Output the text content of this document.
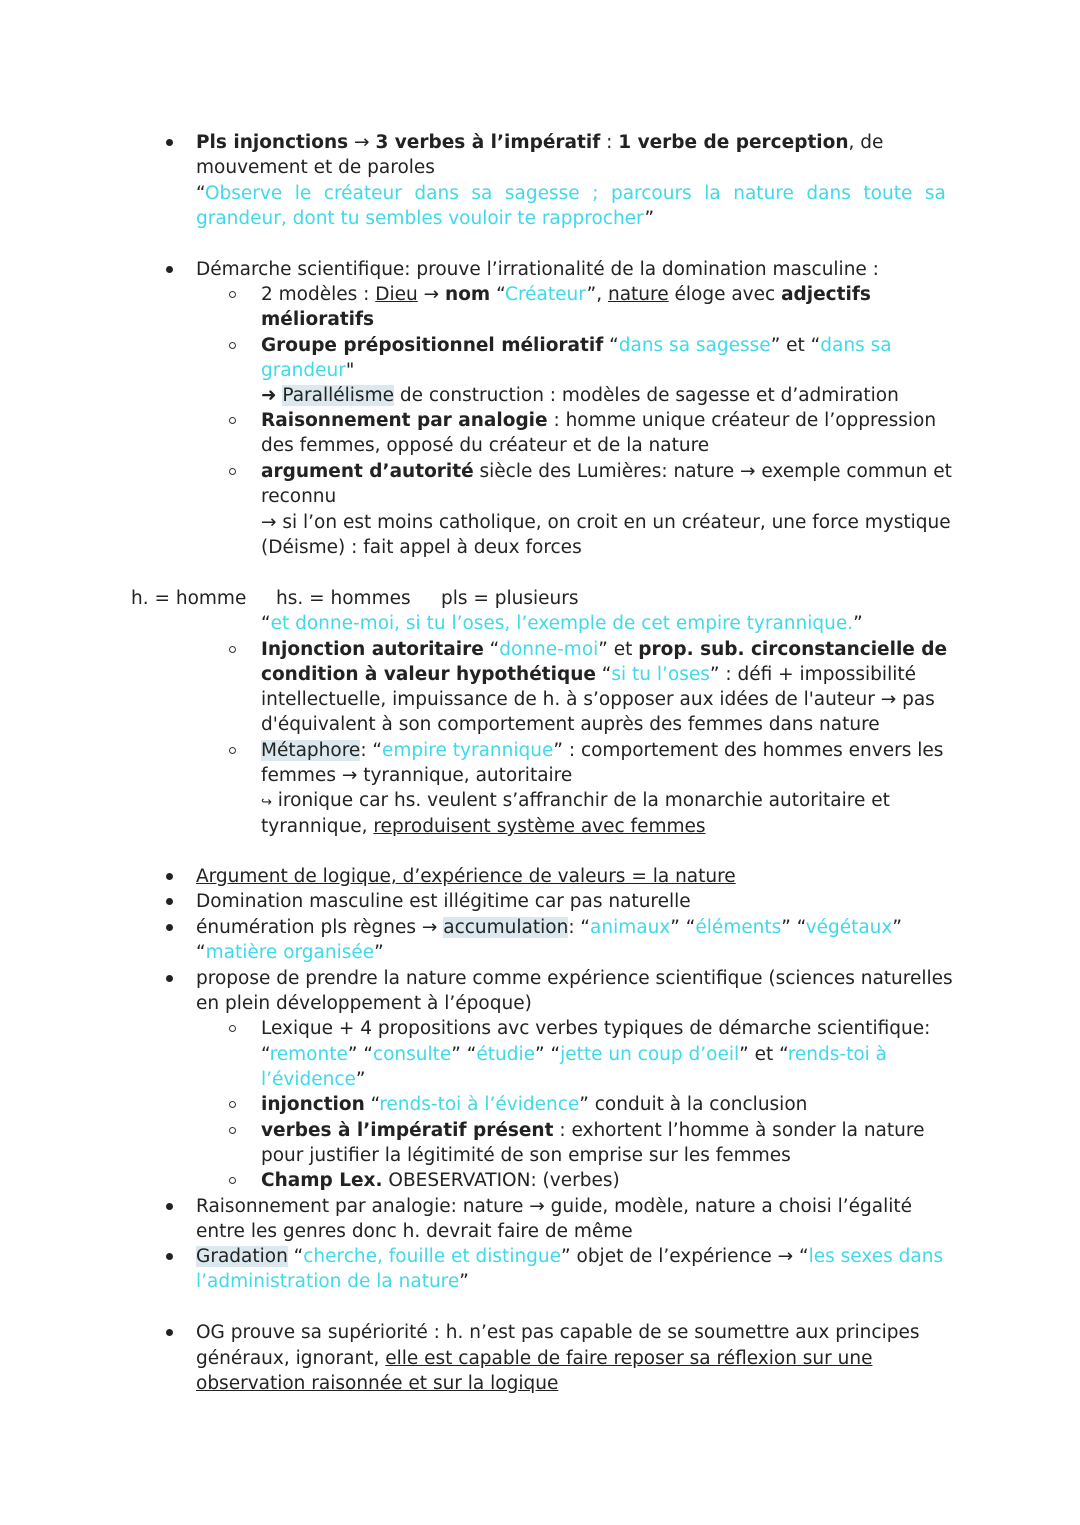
Pls injonctions → 3 verbes à l’impératif : 1 verbe de perception, de
mouvement et de paroles
“Observe le créateur dans sa sagesse ; parcours la nature dans toute sa
grandeur, dont tu sembles vouloir te rapprocher”
Démarche scientifique: prouve l’irrationalité de la domination masculine :
2 modèles : Dieu → nom “Créateur”, nature éloge avec adjectifs
mélioratifs
Groupe prépositionnel mélioratif “dans sa sagesse” et “dans sa
grandeur"
➜ Parallélisme de construction : modèles de sagesse et d’admiration
Raisonnement par analogie : homme unique créateur de l’oppression
des femmes, opposé du créateur et de la nature
argument d’autorité siècle des Lumières: nature → exemple commun et
reconnu
→ si l’on est moins catholique, on croit en un créateur, une force mystique
(Déisme) : fait appel à deux forces
h. = homme hs. = hommes pls = plusieurs
“et donne-moi, si tu l’oses, l’exemple de cet empire tyrannique.”
Injonction autoritaire “donne-moi” et prop. sub. circonstancielle de
condition à valeur hypothétique “si tu l’oses” : défi + impossibilité
intellectuelle, impuissance de h. à s’opposer aux idées de l'auteur → pas
d'équivalent à son comportement auprès des femmes dans nature
Métaphore: “empire tyrannique” : comportement des hommes envers les
femmes → tyrannique, autoritaire
↪ ironique car hs. veulent s’affranchir de la monarchie autoritaire et
tyrannique, reproduisent système avec femmes
Argument de logique, d’expérience de valeurs = la nature
Domination masculine est illégitime car pas naturelle
énumération pls règnes → accumulation: “animaux” “éléments” “végétaux”
“matière organisée”
propose de prendre la nature comme expérience scientifique (sciences naturelles
en plein développement à l’époque)
Lexique + 4 propositions avc verbes typiques de démarche scientifique:
“remonte” “consulte” “étudie” “jette un coup d’oeil” et “rends-toi à
l’évidence”
injonction “rends-toi à l’évidence” conduit à la conclusion
verbes à l’impératif présent : exhortent l’homme à sonder la nature
pour justifier la légitimité de son emprise sur les femmes
Champ Lex. OBESERVATION: (verbes)
Raisonnement par analogie: nature → guide, modèle, nature a choisi l’égalité
entre les genres donc h. devrait faire de même
Gradation “cherche, fouille et distingue” objet de l’expérience → “les sexes dans
l’administration de la nature”
OG prouve sa supériorité : h. n’est pas capable de se soumettre aux principes
généraux, ignorant, elle est capable de faire reposer sa réflexion sur une
observation raisonnée et sur la logique
